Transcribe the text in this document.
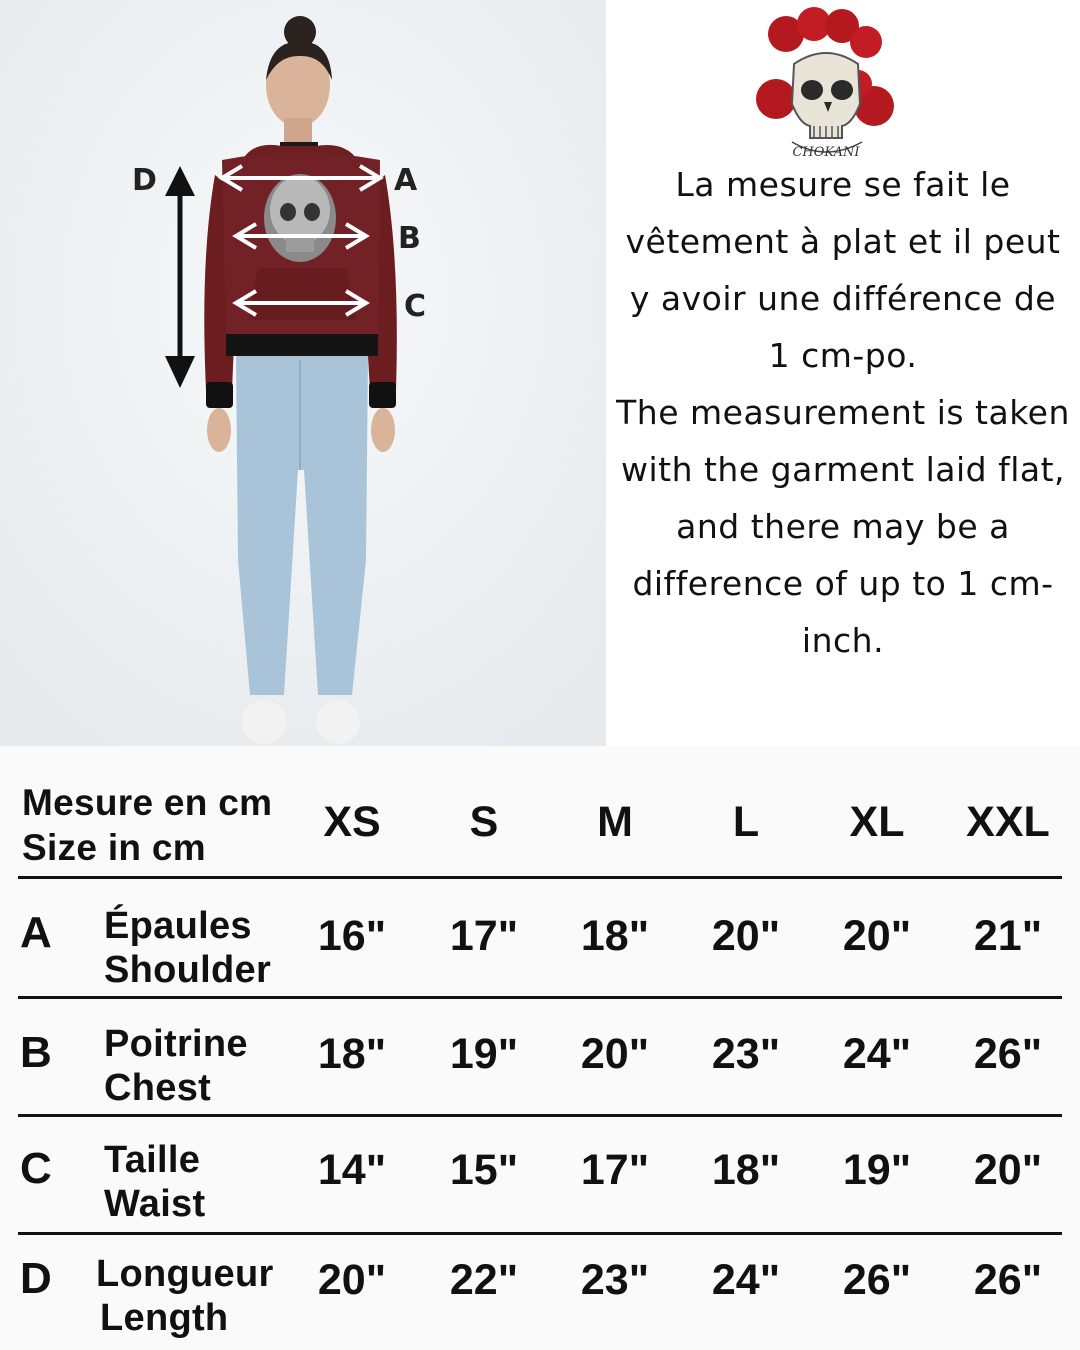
D	A
B
C
CHOKANI

La mesure se fait le vêtement à plat et il peut y avoir une différence de 1 cm-po.

The measurement is taken with the garment laid flat, and there may be a difference of up to 1 cm-inch.

Mesure en cm
Size in cm
XS	S	M	L	XL	XXL
A Épaules
Shoulder
16"	17"	18"	20"	20"	21"
B Poitrine
Chest
18"	19"	20"	23"	24"	26"
C Taille
Waist
14"	15"	17"	18"	19"	20"
D Longueur
Length
20"	22"	23"	24"	26"	26"
